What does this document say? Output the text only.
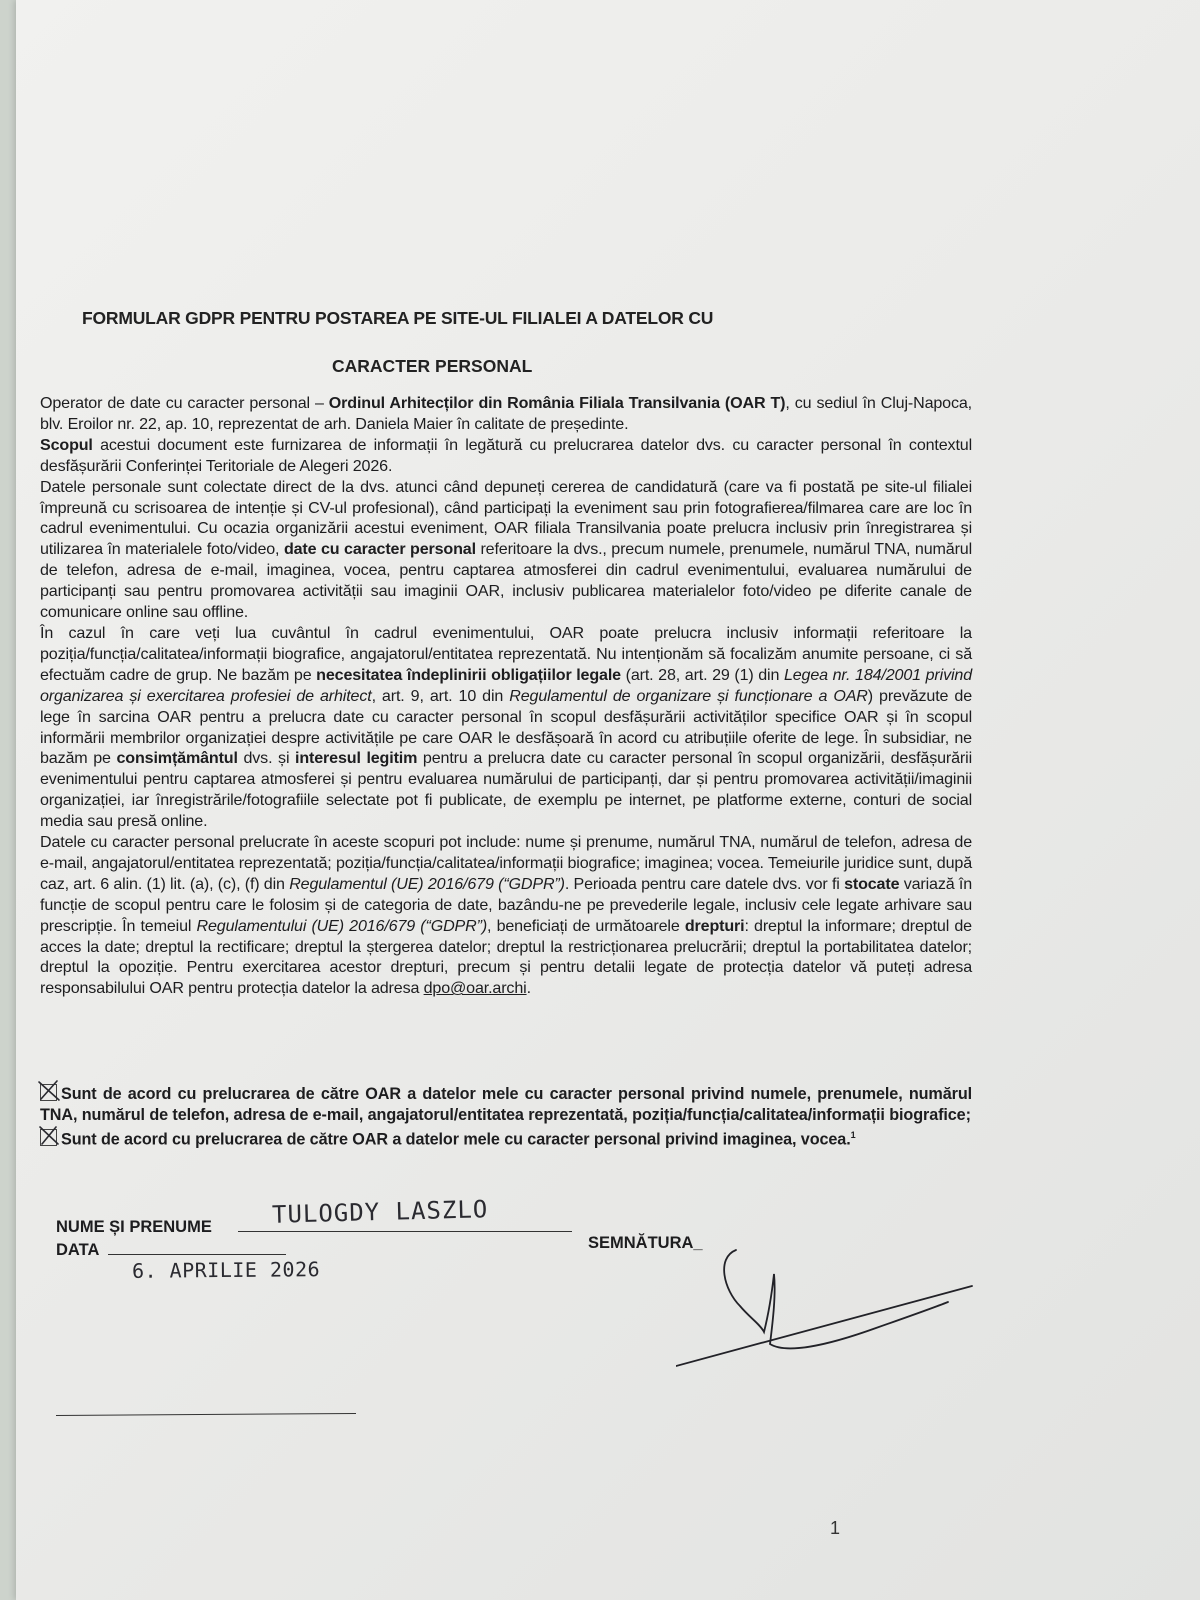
FORMULAR GDPR PENTRU POSTAREA PE SITE-UL FILIALEI A DATELOR CU
CARACTER PERSONAL

Operator de date cu caracter personal – Ordinul Arhitecților din România Filiala Transilvania (OAR T), cu sediul în Cluj-Napoca, blv. Eroilor nr. 22, ap. 10, reprezentat de arh. Daniela Maier în calitate de președinte.

Scopul acestui document este furnizarea de informații în legătură cu prelucrarea datelor dvs. cu caracter personal în contextul desfășurării Conferinței Teritoriale de Alegeri 2026.

Datele personale sunt colectate direct de la dvs. atunci când depuneți cererea de candidatură (care va fi postată pe site-ul filialei împreună cu scrisoarea de intenție și CV-ul profesional), când participați la eveniment sau prin fotografierea/filmarea care are loc în cadrul evenimentului. Cu ocazia organizării acestui eveniment, OAR filiala Transilvania poate prelucra inclusiv prin înregistrarea și utilizarea în materialele foto/video, date cu caracter personal referitoare la dvs., precum numele, prenumele, numărul TNA, numărul de telefon, adresa de e-mail, imaginea, vocea, pentru captarea atmosferei din cadrul evenimentului, evaluarea numărului de participanți sau pentru promovarea activității sau imaginii OAR, inclusiv publicarea materialelor foto/video pe diferite canale de comunicare online sau offline.

În cazul în care veți lua cuvântul în cadrul evenimentului, OAR poate prelucra inclusiv informații referitoare la poziția/funcția/calitatea/informații biografice, angajatorul/entitatea reprezentată. Nu intenționăm să focalizăm anumite persoane, ci să efectuăm cadre de grup. Ne bazăm pe necesitatea îndeplinirii obligațiilor legale (art. 28, art. 29 (1) din Legea nr. 184/2001 privind organizarea și exercitarea profesiei de arhitect, art. 9, art. 10 din Regulamentul de organizare și funcționare a OAR) prevăzute de lege în sarcina OAR pentru a prelucra date cu caracter personal în scopul desfășurării activităților specifice OAR și în scopul informării membrilor organizației despre activitățile pe care OAR le desfășoară în acord cu atribuțiile oferite de lege. În subsidiar, ne bazăm pe consimțământul dvs. și interesul legitim pentru a prelucra date cu caracter personal în scopul organizării, desfășurării evenimentului pentru captarea atmosferei și pentru evaluarea numărului de participanți, dar și pentru promovarea activității/imaginii organizației, iar înregistrările/fotografiile selectate pot fi publicate, de exemplu pe internet, pe platforme externe, conturi de social media sau presă online.

Datele cu caracter personal prelucrate în aceste scopuri pot include: nume și prenume, numărul TNA, numărul de telefon, adresa de e-mail, angajatorul/entitatea reprezentată; poziția/funcția/calitatea/informații biografice; imaginea; vocea. Temeiurile juridice sunt, după caz, art. 6 alin. (1) lit. (a), (c), (f) din Regulamentul (UE) 2016/679 (“GDPR”). Perioada pentru care datele dvs. vor fi stocate variază în funcție de scopul pentru care le folosim și de categoria de date, bazându-ne pe prevederile legale, inclusiv cele legate arhivare sau prescripție. În temeiul Regulamentului (UE) 2016/679 (“GDPR”), beneficiați de următoarele drepturi: dreptul la informare; dreptul de acces la date; dreptul la rectificare; dreptul la ștergerea datelor; dreptul la restricționarea prelucrării; dreptul la portabilitatea datelor; dreptul la opoziție. Pentru exercitarea acestor drepturi, precum și pentru detalii legate de protecția datelor vă puteți adresa responsabilului OAR pentru protecția datelor la adresa dpo@oar.archi.

Sunt de acord cu prelucrarea de către OAR a datelor mele cu caracter personal privind numele, prenumele, numărul TNA, numărul de telefon, adresa de e-mail, angajatorul/entitatea reprezentată, poziția/funcția/calitatea/informații biografice;

Sunt de acord cu prelucrarea de către OAR a datelor mele cu caracter personal privind imaginea, vocea.$^1$

NUME ȘI PRENUME TULOGDY LASZLO
DATA
6. APRILIE 2026
SEMNĂTURA_
1
